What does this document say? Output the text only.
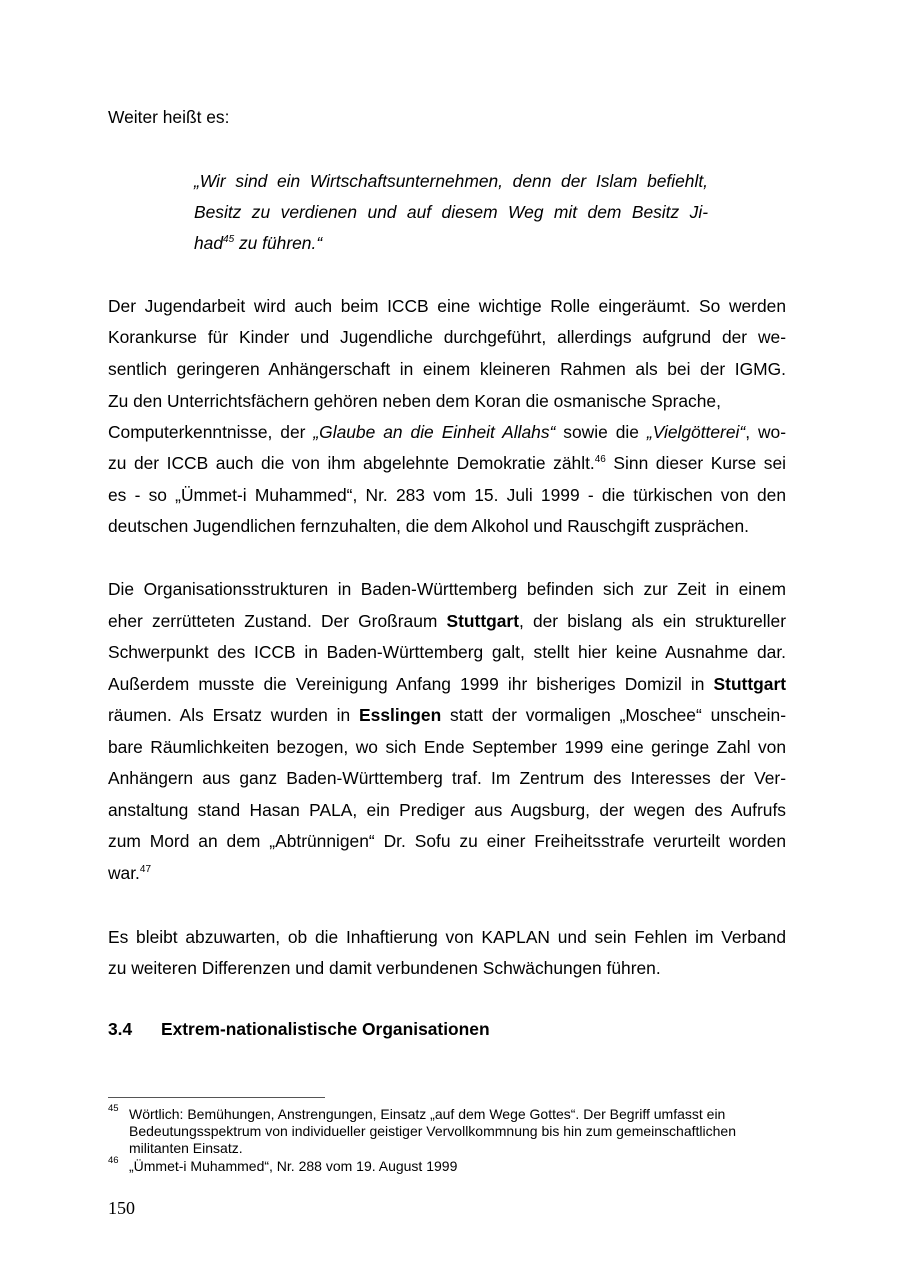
Weiter heißt es:
„Wir sind ein Wirtschaftsunternehmen, denn der Islam befiehlt,
Besitz zu verdienen und auf diesem Weg mit dem Besitz Ji-
had$^{45}$ zu führen.“
Der Jugendarbeit wird auch beim ICCB eine wichtige Rolle eingeräumt. So werden
Korankurse für Kinder und Jugendliche durchgeführt, allerdings aufgrund der we-
sentlich geringeren Anhängerschaft in einem kleineren Rahmen als bei der IGMG.
Zu den Unterrichtsfächern gehören neben dem Koran die osmanische Sprache,
Computerkenntnisse, der „Glaube an die Einheit Allahs“ sowie die „Vielgötterei“, wo-
zu der ICCB auch die von ihm abgelehnte Demokratie zählt.$^{46}$ Sinn dieser Kurse sei
es - so „Ümmet-i Muhammed“, Nr. 283 vom 15. Juli 1999 - die türkischen von den
deutschen Jugendlichen fernzuhalten, die dem Alkohol und Rauschgift zusprächen.
Die Organisationsstrukturen in Baden-Württemberg befinden sich zur Zeit in einem
eher zerrütteten Zustand. Der Großraum Stuttgart, der bislang als ein struktureller
Schwerpunkt des ICCB in Baden-Württemberg galt, stellt hier keine Ausnahme dar.
Außerdem musste die Vereinigung Anfang 1999 ihr bisheriges Domizil in Stuttgart
räumen. Als Ersatz wurden in Esslingen statt der vormaligen „Moschee“ unschein-
bare Räumlichkeiten bezogen, wo sich Ende September 1999 eine geringe Zahl von
Anhängern aus ganz Baden-Württemberg traf. Im Zentrum des Interesses der Ver-
anstaltung stand Hasan PALA, ein Prediger aus Augsburg, der wegen des Aufrufs
zum Mord an dem „Abtrünnigen“ Dr. Sofu zu einer Freiheitsstrafe verurteilt worden
war.$^{47}$
Es bleibt abzuwarten, ob die Inhaftierung von KAPLAN und sein Fehlen im Verband
zu weiteren Differenzen und damit verbundenen Schwächungen führen.
3.4 Extrem-nationalistische Organisationen
45 Wörtlich: Bemühungen, Anstrengungen, Einsatz „auf dem Wege Gottes“. Der Begriff umfasst ein
Bedeutungsspektrum von individueller geistiger Vervollkommnung bis hin zum gemeinschaftlichen
militanten Einsatz.
46 „Ümmet-i Muhammed“, Nr. 288 vom 19. August 1999
150
